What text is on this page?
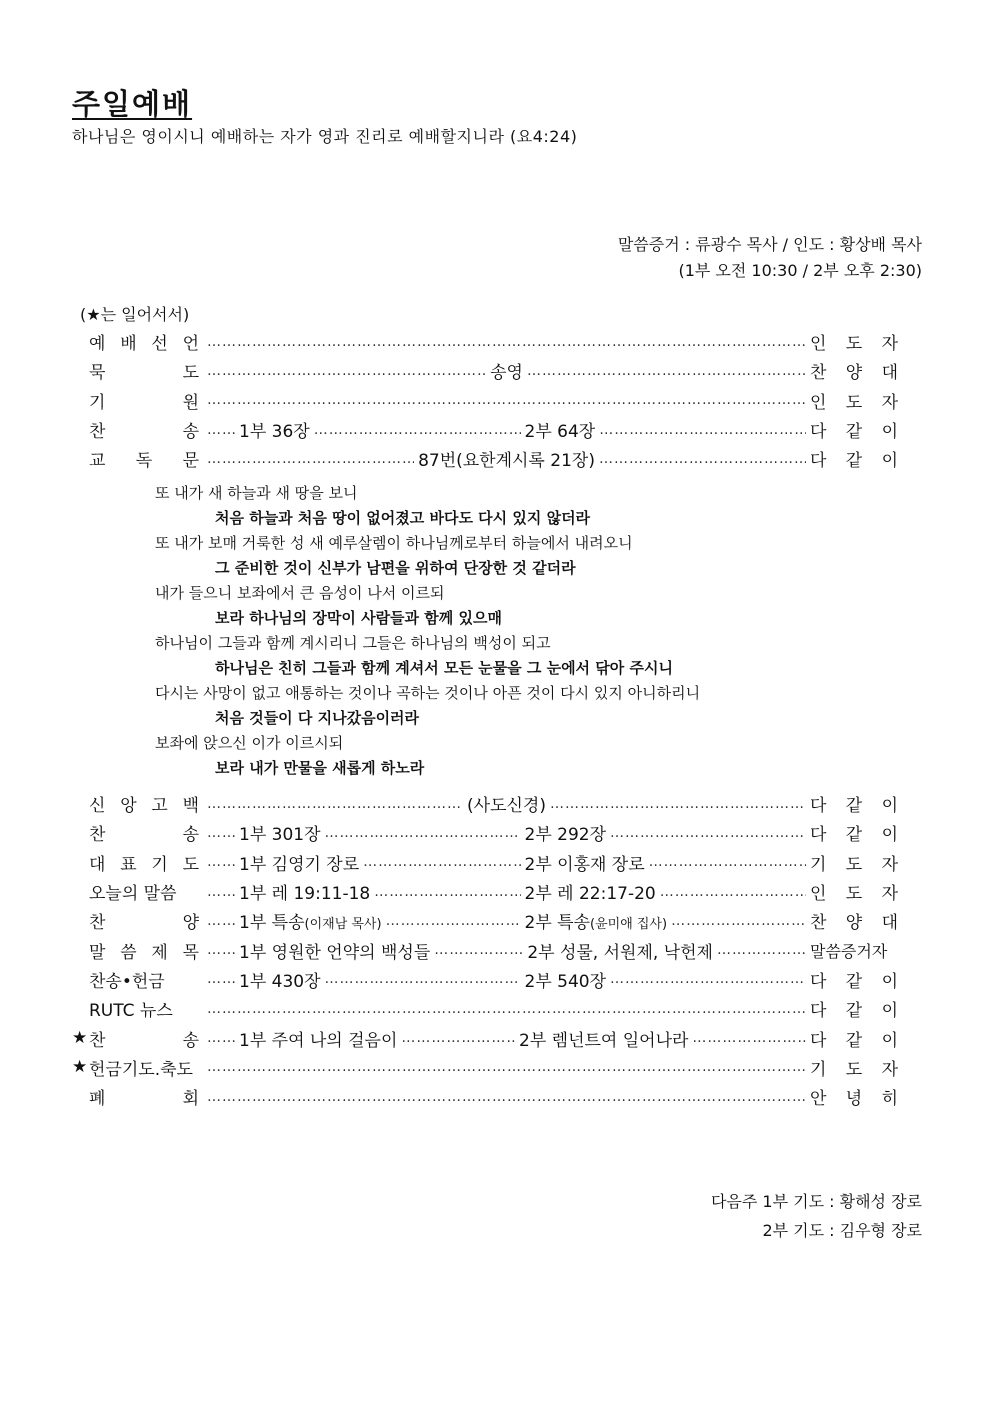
주일예배
하나님은 영이시니 예배하는 자가 영과 진리로 예배할지니라 (요4:24)
말씀증거 : 류광수 목사 / 인도 : 황상배 목사
(1부 오전 10:30 / 2부 오후 2:30)
(★는 일어서서)
예 배 선 언 ……………………………………………………………………………………………………………………………………………………………………………………	인 도 자
묵	도 ……………………………………………………………………………………………………………………………………………………………………………………	송영 ……………………………………………………………………………………………………………………………………………………………………………………	찬 양 대
기	원 ……………………………………………………………………………………………………………………………………………………………………………………	인 도 자
찬	송 …………………………………………………………………………………………………………………………………………………………………………………… 1부 36장 ……………………………………………………………………………………………………………………………………………………………………………………	2부 64장 ……………………………………………………………………………………………………………………………………………………………………………………	다 같 이
교 독 문 ……………………………………………………………………………………………………………………………………………………………………………………	87번(요한계시록 21장) ……………………………………………………………………………………………………………………………………………………………………………………	다 같 이
또 내가 새 하늘과 새 땅을 보니
처음 하늘과 처음 땅이 없어졌고 바다도 다시 있지 않더라
또 내가 보매 거룩한 성 새 예루살렘이 하나님께로부터 하늘에서 내려오니
그 준비한 것이 신부가 남편을 위하여 단장한 것 같더라
내가 들으니 보좌에서 큰 음성이 나서 이르되
보라 하나님의 장막이 사람들과 함께 있으매
하나님이 그들과 함께 계시리니 그들은 하나님의 백성이 되고
하나님은 친히 그들과 함께 계셔서 모든 눈물을 그 눈에서 닦아 주시니
다시는 사망이 없고 애통하는 것이나 곡하는 것이나 아픈 것이 다시 있지 아니하리니
처음 것들이 다 지나갔음이러라
보좌에 앉으신 이가 이르시되
보라 내가 만물을 새롭게 하노라
신 앙 고 백 ……………………………………………………………………………………………………………………………………………………………………………………	(사도신경) ……………………………………………………………………………………………………………………………………………………………………………………	다 같 이
찬	송 …………………………………………………………………………………………………………………………………………………………………………………… 1부 301장 ……………………………………………………………………………………………………………………………………………………………………………………	2부 292장 ……………………………………………………………………………………………………………………………………………………………………………………	다 같 이
대 표 기 도 …………………………………………………………………………………………………………………………………………………………………………………… 1부 김영기 장로 ……………………………………………………………………………………………………………………………………………………………………………………	2부 이홍재 장로 ……………………………………………………………………………………………………………………………………………………………………………………	기 도 자
오늘의 말씀 ……………………………………………………………………………………………………………………………………………………………………………………	1부 레 19:11-18 ……………………………………………………………………………………………………………………………………………………………………………………	2부 레 22:17-20 ……………………………………………………………………………………………………………………………………………………………………………………	인 도 자
찬	양 …………………………………………………………………………………………………………………………………………………………………………………… 1부 특송(이재남 목사) ……………………………………………………………………………………………………………………………………………………………………………………	2부 특송(윤미애 집사) ……………………………………………………………………………………………………………………………………………………………………………………	찬 양 대
말 씀 제 목 …………………………………………………………………………………………………………………………………………………………………………………… 1부 영원한 언약의 백성들 ……………………………………………………………………………………………………………………………………………………………………………………	2부 성물, 서원제, 낙헌제 ……………………………………………………………………………………………………………………………………………………………………………………	말씀증거자
찬송•헌금 ……………………………………………………………………………………………………………………………………………………………………………………	1부 430장 ……………………………………………………………………………………………………………………………………………………………………………………	2부 540장 ……………………………………………………………………………………………………………………………………………………………………………………	다 같 이
RUTC 뉴스 ……………………………………………………………………………………………………………………………………………………………………………………	다 같 이
★ 찬	송 …………………………………………………………………………………………………………………………………………………………………………………… 1부 주여 나의 걸음이 ……………………………………………………………………………………………………………………………………………………………………………………	2부 렘넌트여 일어나라 ……………………………………………………………………………………………………………………………………………………………………………………	다 같 이
★ 헌금기도.축도 ……………………………………………………………………………………………………………………………………………………………………………………	기 도 자
폐	회 ……………………………………………………………………………………………………………………………………………………………………………………	안 녕 히
다음주 1부 기도 : 황해성 장로
2부 기도 : 김우형 장로
